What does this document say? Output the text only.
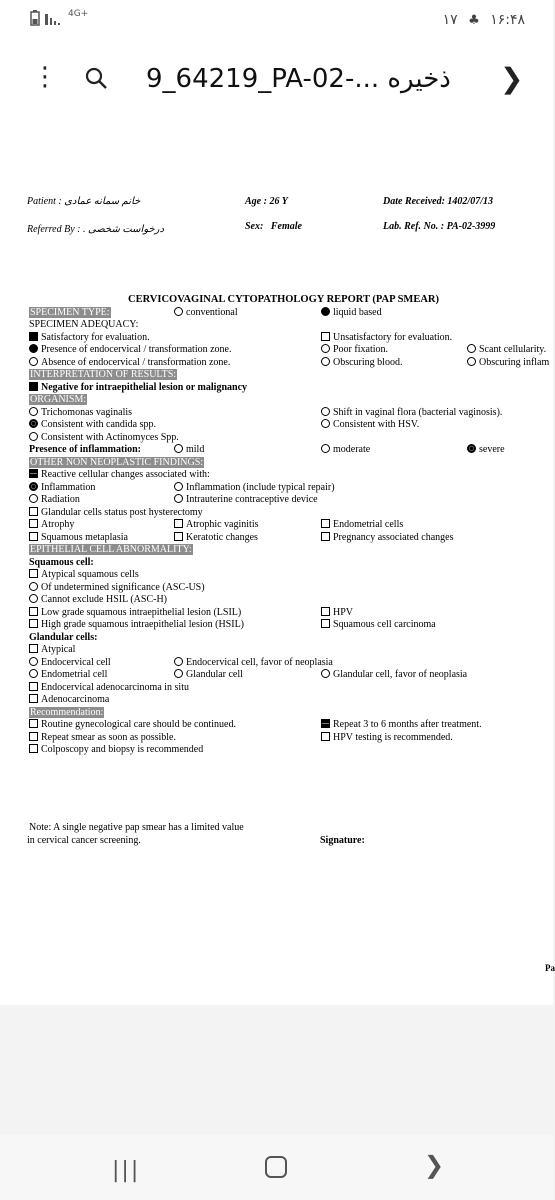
4G+	۱۷ ♣ ۱۶:۴۸
⋮	9_64219_PA-02-... ذخیره ❯
Patient : خانم سمانه عمادی	Age : 26 Y	Date Received: 1402/07/13
Referred By : . درخواست شخصی	Sex: Female	Lab. Ref. No. : PA-02-3999
CERVICOVAGINAL CYTOPATHOLOGY REPORT (PAP SMEAR)
SPECIMEN TYPE:	conventional	liquid based
SPECIMEN ADEQUACY:
Satisfactory for evaluation.	Unsatisfactory for evaluation.
Presence of endocervical / transformation zone.	Poor fixation.	Scant cellularity.
Absence of endocervical / transformation zone.	Obscuring blood.	Obscuring inflam
INTERPRETATION OF RESULTS:
Negative for intraepithelial lesion or malignancy
ORGANISM:
Trichomonas vaginalis	Shift in vaginal flora (bacterial vaginosis).
Consistent with candida spp.	Consistent with HSV.
Consistent with Actinomyces Spp.
Presence of inflammation:	mild	moderate	severe
OTHER NON NEOPLASTIC FINDINGS:
Reactive cellular changes associated with:
Inflammation	Inflammation (include typical repair)
Radiation	Intrauterine contraceptive device
Glandular cells status post hysterectomy
Atrophy	Atrophic vaginitis	Endometrial cells
Squamous metaplasia	Keratotic changes	Pregnancy associated changes
EPITHELIAL CELL ABNORMALITY:
Squamous cell:
Atypical squamous cells
Of undetermined significance (ASC-US)
Cannot exclude HSIL (ASC-H)
Low grade squamous intraepithelial lesion (LSIL)	HPV
High grade squamous intraepithelial lesion (HSIL)	Squamous cell carcinoma
Glandular cells:
Atypical
Endocervical cell	Endocervical cell, favor of neoplasia
Endometrial cell	Glandular cell	Glandular cell, favor of neoplasia
Endocervical adenocarcinoma in situ
Adenocarcinoma
Recommendation:
Routine gynecological care should be continued.	Repeat 3 to 6 months after treatment.
Repeat smear as soon as possible.	HPV testing is recommended.
Colposcopy and biopsy is recommended
Note: A single negative pap smear has a limited value
in cervical cancer screening.	Signature:
Pa
|||	❯
